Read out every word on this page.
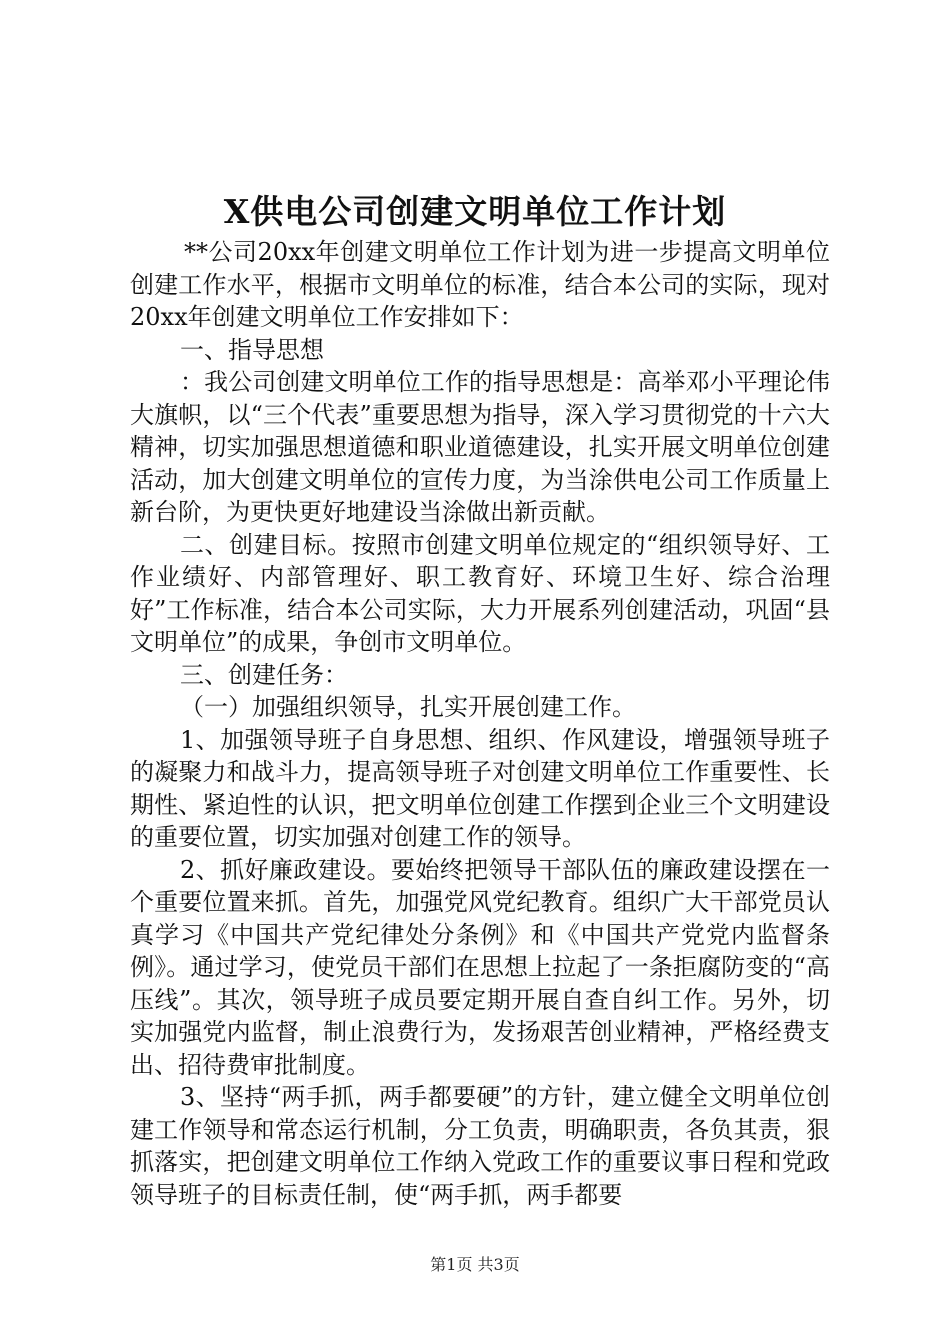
X供电公司创建文明单位工作计划

**公司20xx年创建文明单位工作计划为进一步提高文明单位创建工作水平，根据市文明单位的标准，结合本公司的实际，现对20xx年创建文明单位工作安排如下：

一、指导思想

：我公司创建文明单位工作的指导思想是：高举邓小平理论伟大旗帜，以“三个代表”重要思想为指导，深入学习贯彻党的十六大精神，切实加强思想道德和职业道德建设，扎实开展文明单位创建活动，加大创建文明单位的宣传力度，为当涂供电公司工作质量上新台阶，为更快更好地建设当涂做出新贡献。

二、创建目标。按照市创建文明单位规定的“组织领导好、工作业绩好、内部管理好、职工教育好、环境卫生好、综合治理好”工作标准，结合本公司实际，大力开展系列创建活动，巩固“县文明单位”的成果，争创市文明单位。

三、创建任务：

（一）加强组织领导，扎实开展创建工作。

1、加强领导班子自身思想、组织、作风建设，增强领导班子的凝聚力和战斗力，提高领导班子对创建文明单位工作重要性、长期性、紧迫性的认识，把文明单位创建工作摆到企业三个文明建设的重要位置，切实加强对创建工作的领导。

2、抓好廉政建设。要始终把领导干部队伍的廉政建设摆在一个重要位置来抓。首先，加强党风党纪教育。组织广大干部党员认真学习《中国共产党纪律处分条例》和《中国共产党党内监督条例》。通过学习，使党员干部们在思想上拉起了一条拒腐防变的“高压线”。其次，领导班子成员要定期开展自查自纠工作。另外，切实加强党内监督，制止浪费行为，发扬艰苦创业精神，严格经费支出、招待费审批制度。

3、坚持“两手抓，两手都要硬”的方针，建立健全文明单位创建工作领导和常态运行机制，分工负责，明确职责，各负其责，狠抓落实，把创建文明单位工作纳入党政工作的重要议事日程和党政领导班子的目标责任制，使“两手抓，两手都要

第1页 共3页
